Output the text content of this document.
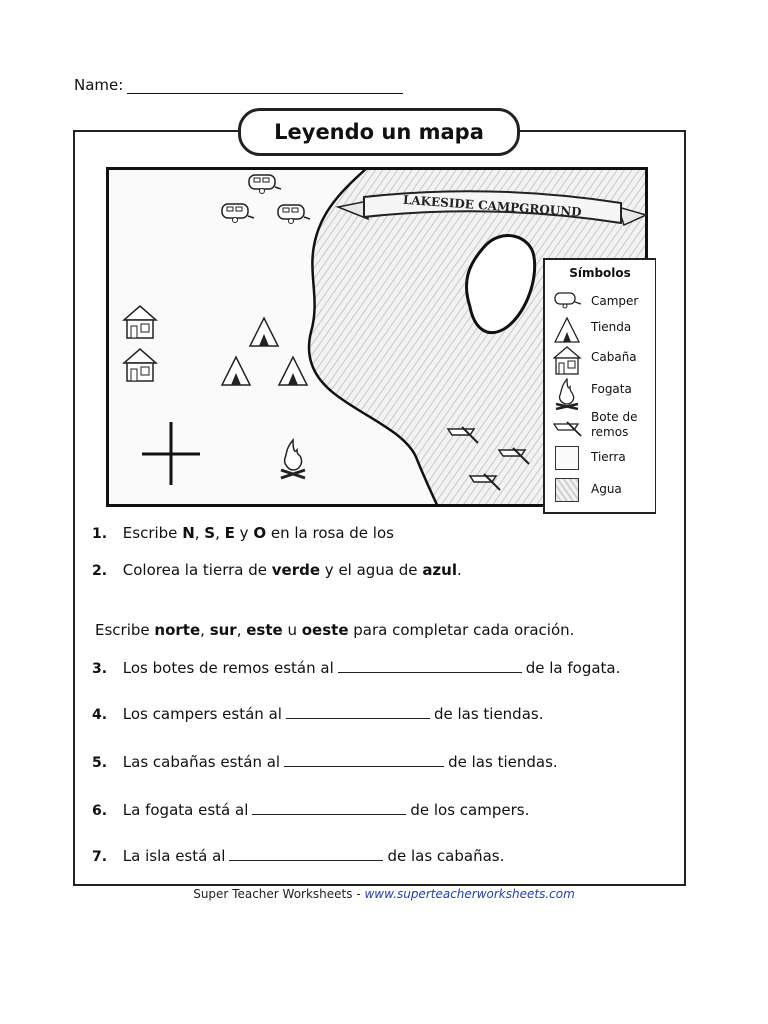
Name:
Leyendo un mapa
LAKESIDE CAMPGROUND
Símbolos
Camper
Tienda
Cabaña
Fogata
Bote de remos
Tierra
Agua
1. Escribe N, S, E y O en la rosa de los
2. Colorea la tierra de verde y el agua de azul.
Escribe norte, sur, este u oeste para completar cada oración.
3. Los botes de remos están al	de la fogata.
4. Los campers están al	de las tiendas.
5. Las cabañas están al	de las tiendas.
6. La fogata está al	de los campers.
7. La isla está al	de las cabañas.
Super Teacher Worksheets - www.superteacherworksheets.com
